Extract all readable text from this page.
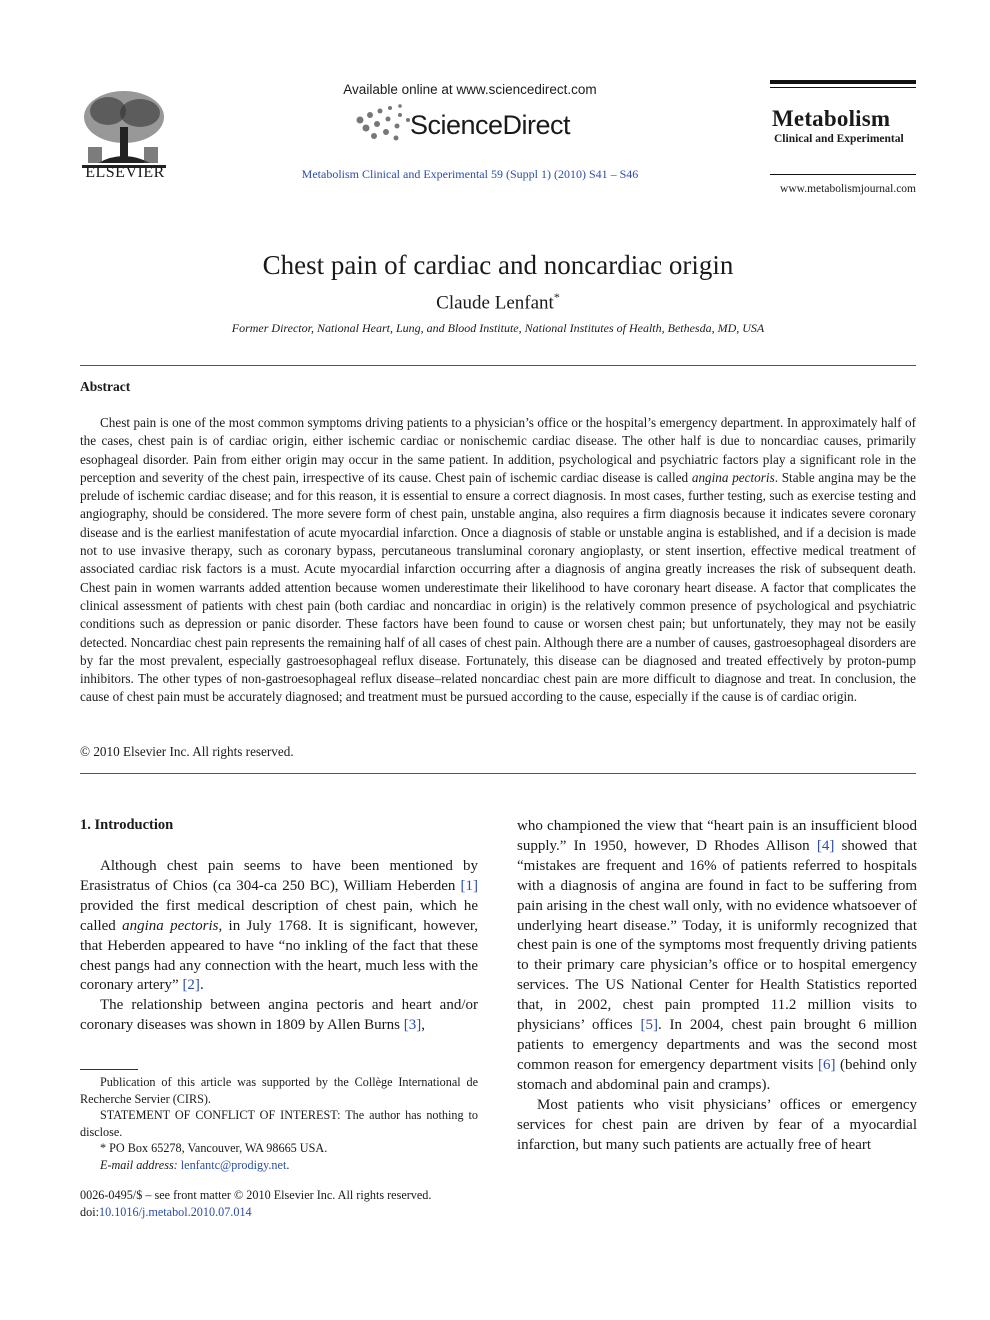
ELSEVIER
Available online at www.sciencedirect.com
ScienceDirect
Metabolism Clinical and Experimental 59 (Suppl 1) (2010) S41 – S46
Metabolism
Clinical and Experimental
www.metabolismjournal.com
Chest pain of cardiac and noncardiac origin
Claude Lenfant*
Former Director, National Heart, Lung, and Blood Institute, National Institutes of Health, Bethesda, MD, USA
Abstract
Chest pain is one of the most common symptoms driving patients to a physician’s office or the hospital’s emergency department. In approximately half of the cases, chest pain is of cardiac origin, either ischemic cardiac or nonischemic cardiac disease. The other half is due to noncardiac causes, primarily esophageal disorder. Pain from either origin may occur in the same patient. In addition, psychological and psychiatric factors play a significant role in the perception and severity of the chest pain, irrespective of its cause. Chest pain of ischemic cardiac disease is called angina pectoris. Stable angina may be the prelude of ischemic cardiac disease; and for this reason, it is essential to ensure a correct diagnosis. In most cases, further testing, such as exercise testing and angiography, should be considered. The more severe form of chest pain, unstable angina, also requires a firm diagnosis because it indicates severe coronary disease and is the earliest manifestation of acute myocardial infarction. Once a diagnosis of stable or unstable angina is established, and if a decision is made not to use invasive therapy, such as coronary bypass, percutaneous transluminal coronary angioplasty, or stent insertion, effective medical treatment of associated cardiac risk factors is a must. Acute myocardial infarction occurring after a diagnosis of angina greatly increases the risk of subsequent death. Chest pain in women warrants added attention because women underestimate their likelihood to have coronary heart disease. A factor that complicates the clinical assessment of patients with chest pain (both cardiac and noncardiac in origin) is the relatively common presence of psychological and psychiatric conditions such as depression or panic disorder. These factors have been found to cause or worsen chest pain; but unfortunately, they may not be easily detected. Noncardiac chest pain represents the remaining half of all cases of chest pain. Although there are a number of causes, gastroesophageal disorders are by far the most prevalent, especially gastroesophageal reflux disease. Fortunately, this disease can be diagnosed and treated effectively by proton-pump inhibitors. The other types of non-gastroesophageal reflux disease–related noncardiac chest pain are more difficult to diagnose and treat. In conclusion, the cause of chest pain must be accurately diagnosed; and treatment must be pursued according to the cause, especially if the cause is of cardiac origin.
© 2010 Elsevier Inc. All rights reserved.
1. Introduction

Although chest pain seems to have been mentioned by Erasistratus of Chios (ca 304-ca 250 BC), William Heberden [1] provided the first medical description of chest pain, which he called angina pectoris, in July 1768. It is significant, however, that Heberden appeared to have “no inkling of the fact that these chest pangs had any connection with the heart, much less with the coronary artery” [2].

The relationship between angina pectoris and heart and/or coronary diseases was shown in 1809 by Allen Burns [3],

who championed the view that “heart pain is an insufficient blood supply.” In 1950, however, D Rhodes Allison [4] showed that “mistakes are frequent and 16% of patients referred to hospitals with a diagnosis of angina are found in fact to be suffering from pain arising in the chest wall only, with no evidence whatsoever of underlying heart disease.” Today, it is uniformly recognized that chest pain is one of the symptoms most frequently driving patients to their primary care physician’s office or to hospital emergency services. The US National Center for Health Statistics reported that, in 2002, chest pain prompted 11.2 million visits to physicians’ offices [5]. In 2004, chest pain brought 6 million patients to emergency departments and was the second most common reason for emergency department visits [6] (behind only stomach and abdominal pain and cramps).

Most patients who visit physicians’ offices or emergency services for chest pain are driven by fear of a myocardial infarction, but many such patients are actually free of heart

Publication of this article was supported by the Collège International de Recherche Servier (CIRS).

STATEMENT OF CONFLICT OF INTEREST: The author has nothing to disclose.

* PO Box 65278, Vancouver, WA 98665 USA.

E-mail address: lenfantc@prodigy.net.

0026-0495/$ – see front matter © 2010 Elsevier Inc. All rights reserved.
doi:10.1016/j.metabol.2010.07.014
